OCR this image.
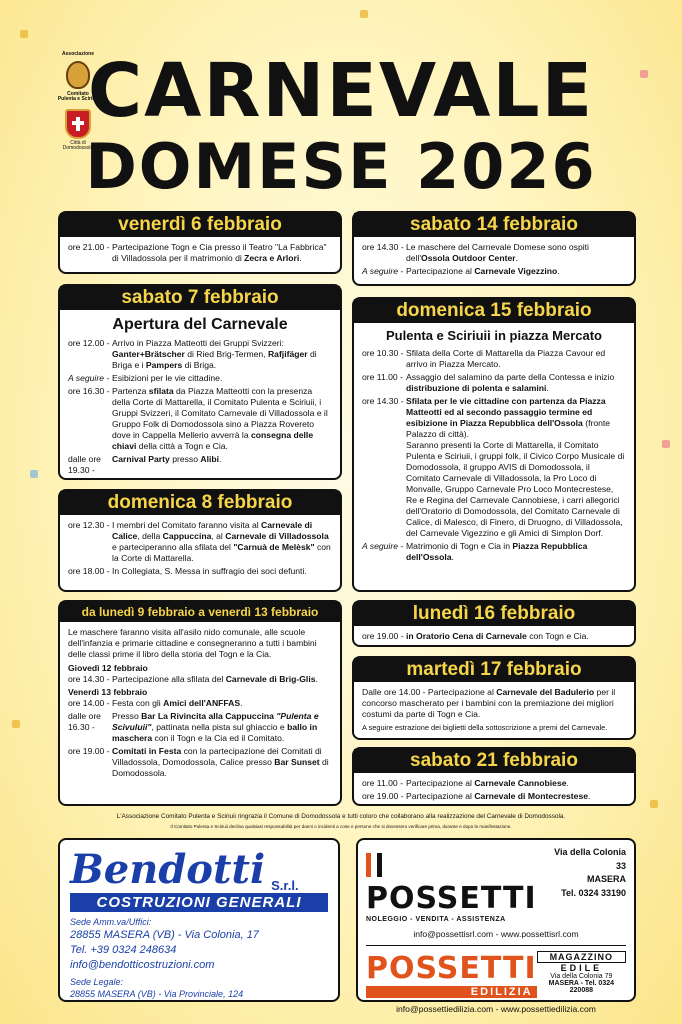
Associazione
Comitato
Pulenta e Sciriuii
Città di
Domodossola
CARNEVALE
DOMESE 2026
venerdì 6 febbraio
ore 21.00 - Partecipazione Togn e Cia presso il Teatro "La Fabbrica" di Villadossola per il matrimonio di Zecra e Arlori.
sabato 7 febbraio
Apertura del Carnevale
ore 12.00 - Arrivo in Piazza Matteotti dei Gruppi Svizzeri: Ganter+Brätscher di Ried Brig-Termen, Rafjifäger di Briga e i Pampers di Briga.
A seguire - Esibizioni per le vie cittadine.
ore 16.30 - Partenza sfilata da Piazza Matteotti con la presenza della Corte di Mattarella, il Comitato Pulenta e Sciriuii, i Gruppi Svizzeri, il Comitato Carnevale di Villadossola e il Gruppo Folk di Domodossola sino a Piazza Rovereto dove in Cappella Mellerio avverrà la consegna delle chiavi della città a Togn e Cia.
dalle ore 19.30 -
Carnival Party presso Alibi.
domenica 8 febbraio
ore 12.30 - I membri del Comitato faranno visita al Carnevale di Calice, della Cappuccina, al Carnevale di Villadossola e parteciperanno alla sfilata del "Carnuà de Melèsk" con la Corte di Mattarella.
ore 18.00 - In Collegiata, S. Messa in suffragio dei soci defunti.
da lunedì 9 febbraio a venerdì 13 febbraio
Le maschere faranno visita all'asilo nido comunale, alle scuole dell'infanzia e primarie cittadine e consegneranno a tutti i bambini delle classi prime il libro della storia del Togn e la Cia.
Giovedì 12 febbraio
ore 14.30 - Partecipazione alla sfilata del Carnevale di Brig-Glis.
Venerdì 13 febbraio
ore 14.00 - Festa con gli Amici dell'ANFFAS.
dalle ore 16.30 -
Presso Bar La Rivincita alla Cappuccina "Pulenta e Scivuluii", pattinata nella pista sul ghiaccio e ballo in maschera con il Togn e la Cia ed il Comitato.
ore 19.00 - Comitati in Festa con la partecipazione dei Comitati di Villadossola, Domodossola, Calice presso Bar Sunset di Domodossola.
sabato 14 febbraio
ore 14.30 - Le maschere del Carnevale Domese sono ospiti dell'Ossola Outdoor Center.
A seguire - Partecipazione al Carnevale Vigezzino.
domenica 15 febbraio
Pulenta e Sciriuii in piazza Mercato
ore 10.30 - Sfilata della Corte di Mattarella da Piazza Cavour ed arrivo in Piazza Mercato.
ore 11.00 - Assaggio del salamino da parte della Contessa e inizio distribuzione di polenta e salamini.
ore 14.30 - Sfilata per le vie cittadine con partenza da Piazza Matteotti ed al secondo passaggio termine ed esibizione in Piazza Repubblica dell'Ossola (fronte Palazzo di città).
Saranno presenti la Corte di Mattarella, il Comitato Pulenta e Sciriuii, i gruppi folk, il Civico Corpo Musicale di Domodossola, il gruppo AVIS di Domodossola, il Comitato Carnevale di Villadossola, la Pro Loco di Monvalle, Gruppo Carnevale Pro Loco Montecrestese, Re e Regina del Carnevale Cannobiese, i carri allegorici dell'Oratorio di Domodossola, del Comitato Carnevale di Calice, di Malesco, di Finero, di Druogno, di Villadossola, del Carnevale Vigezzino e gli Amici di Simplon Dorf.
A seguire - Matrimonio di Togn e Cia in Piazza Repubblica dell'Ossola.
lunedì 16 febbraio
ore 19.00 - in Oratorio Cena di Carnevale con Togn e Cia.
martedì 17 febbraio
Dalle ore 14.00 - Partecipazione al Carnevale del Badulerio per il concorso mascherato per i bambini con la premiazione dei migliori costumi da parte di Togn e Cia.
A seguire estrazione dei biglietti della sottoscrizione a premi del Carnevale.
sabato 21 febbraio
ore 11.00 - Partecipazione al Carnevale Cannobiese.
ore 19.00 - Partecipazione al Carnevale di Montecrestese.
L'Associazione Comitato Pulenta e Sciriuii ringrazia il Comune di Domodossola e tutti coloro che collaborano alla realizzazione del Carnevale di Domodossola.
Il Comitato Pulenta e Sciriuii declina qualsiasi responsabilità per danni o incidenti a cose e persone che si dovessero verificare prima, durante e dopo le manifestazione.
Bendotti S.r.l.
COSTRUZIONI GENERALI
Sede Amm.va/Uffici:
28855 MASERA (VB) - Via Colonia, 17
Tel. +39 0324 248634
info@bendotticostruzioni.com
Sede Legale:
28855 MASERA (VB) - Via Provinciale, 124
POSSETTI
NOLEGGIO - VENDITA - ASSISTENZA
Via della Colonia 33
MASERA
Tel. 0324 33190
info@possettisrl.com - www.possettisrl.com
POSSETTI
EDILIZIA
MAGAZZINO
EDILE
Via della Colonia 79
MASERA - Tel. 0324 220088
info@possettiedilizia.com - www.possettiedilizia.com
